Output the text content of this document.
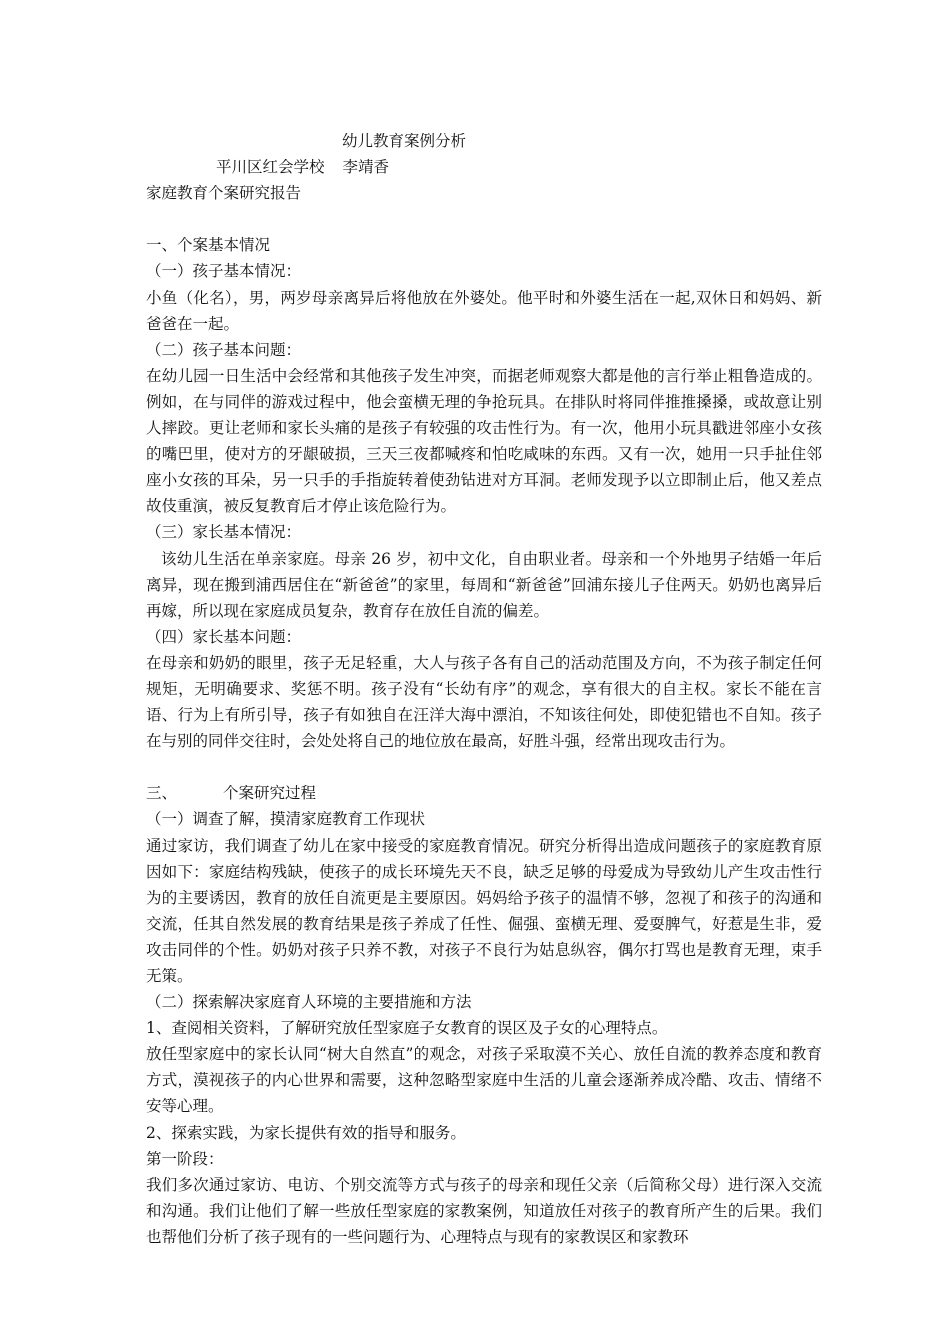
幼儿教育案例分析
平川区红会学校 李靖香
家庭教育个案研究报告
一、个案基本情况
（一）孩子基本情况：
小鱼（化名），男，两岁母亲离异后将他放在外婆处。他平时和外婆生活在一起,双休日和妈妈、新爸爸在一起。
（二）孩子基本问题：
在幼儿园一日生活中会经常和其他孩子发生冲突，而据老师观察大都是他的言行举止粗鲁造成的。例如，在与同伴的游戏过程中，他会蛮横无理的争抢玩具。在排队时将同伴推推搡搡，或故意让别人摔跤。更让老师和家长头痛的是孩子有较强的攻击性行为。有一次，他用小玩具戳进邻座小女孩的嘴巴里，使对方的牙龈破损，三天三夜都喊疼和怕吃咸味的东西。又有一次，她用一只手扯住邻座小女孩的耳朵，另一只手的手指旋转着使劲钻进对方耳洞。老师发现予以立即制止后，他又差点故伎重演，被反复教育后才停止该危险行为。
（三）家长基本情况：
该幼儿生活在单亲家庭。母亲 26 岁，初中文化，自由职业者。母亲和一个外地男子结婚一年后离异，现在搬到浦西居住在“新爸爸”的家里，每周和“新爸爸”回浦东接儿子住两天。奶奶也离异后再嫁，所以现在家庭成员复杂，教育存在放任自流的偏差。
（四）家长基本问题：
在母亲和奶奶的眼里，孩子无足轻重，大人与孩子各有自己的活动范围及方向，不为孩子制定任何规矩，无明确要求、奖惩不明。孩子没有“长幼有序”的观念，享有很大的自主权。家长不能在言语、行为上有所引导，孩子有如独自在汪洋大海中漂泊，不知该往何处，即使犯错也不自知。孩子在与别的同伴交往时，会处处将自己的地位放在最高，好胜斗强，经常出现攻击行为。
三、	个案研究过程
（一）调查了解，摸清家庭教育工作现状
通过家访，我们调查了幼儿在家中接受的家庭教育情况。研究分析得出造成问题孩子的家庭教育原因如下：家庭结构残缺，使孩子的成长环境先天不良，缺乏足够的母爱成为导致幼儿产生攻击性行为的主要诱因，教育的放任自流更是主要原因。妈妈给予孩子的温情不够，忽视了和孩子的沟通和交流，任其自然发展的教育结果是孩子养成了任性、倔强、蛮横无理、爱耍脾气，好惹是生非，爱攻击同伴的个性。奶奶对孩子只养不教，对孩子不良行为姑息纵容，偶尔打骂也是教育无理，束手无策。
（二）探索解决家庭育人环境的主要措施和方法
1、查阅相关资料，了解研究放任型家庭子女教育的误区及子女的心理特点。
放任型家庭中的家长认同“树大自然直”的观念，对孩子采取漠不关心、放任自流的教养态度和教育方式，漠视孩子的内心世界和需要，这种忽略型家庭中生活的儿童会逐渐养成冷酷、攻击、情绪不安等心理。
2、探索实践，为家长提供有效的指导和服务。
第一阶段：
我们多次通过家访、电访、个别交流等方式与孩子的母亲和现任父亲（后简称父母）进行深入交流和沟通。我们让他们了解一些放任型家庭的家教案例，知道放任对孩子的教育所产生的后果。我们也帮他们分析了孩子现有的一些问题行为、心理特点与现有的家教误区和家教环
